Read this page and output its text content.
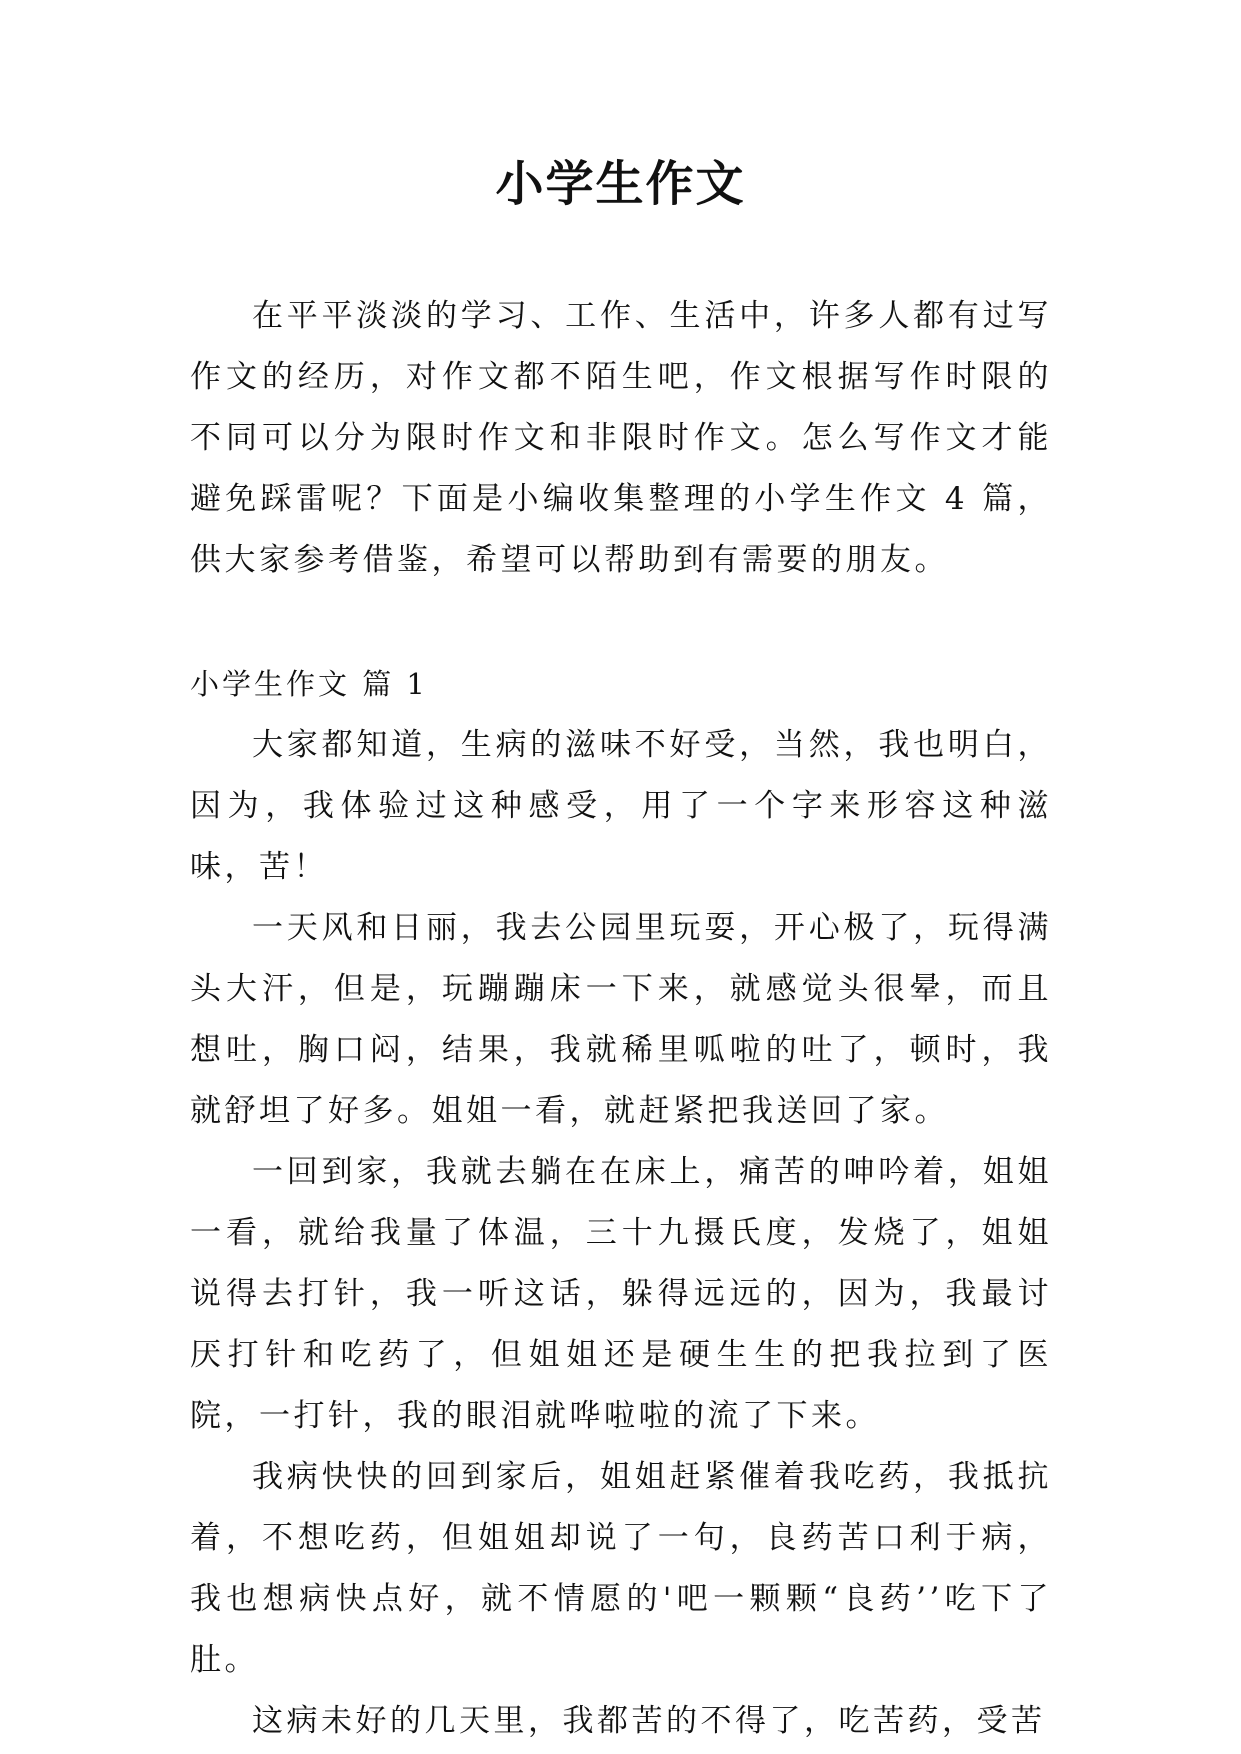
小学生作文

在平平淡淡的学习、工作、生活中，许多人都有过写作文的经历，对作文都不陌生吧，作文根据写作时限的不同可以分为限时作文和非限时作文。怎么写作文才能避免踩雷呢？下面是小编收集整理的小学生作文 4 篇，供大家参考借鉴，希望可以帮助到有需要的朋友。

小学生作文 篇 1

大家都知道，生病的滋味不好受，当然，我也明白，因为，我体验过这种感受，用了一个字来形容这种滋味，苦！

一天风和日丽，我去公园里玩耍，开心极了，玩得满头大汗，但是，玩蹦蹦床一下来，就感觉头很晕，而且想吐，胸口闷，结果，我就稀里呱啦的吐了，顿时，我就舒坦了好多。姐姐一看，就赶紧把我送回了家。

一回到家，我就去躺在在床上，痛苦的呻吟着，姐姐一看，就给我量了体温，三十九摄氏度，发烧了，姐姐说得去打针，我一听这话，躲得远远的，因为，我最讨厌打针和吃药了，但姐姐还是硬生生的把我拉到了医院，一打针，我的眼泪就哗啦啦的流了下来。

我病快快的回到家后，姐姐赶紧催着我吃药，我抵抗着，不想吃药，但姐姐却说了一句，良药苦口利于病，我也想病快点好，就不情愿的'吧一颗颗“良药’’吃下了肚。

这病未好的几天里，我都苦的不得了，吃苦药，受苦
